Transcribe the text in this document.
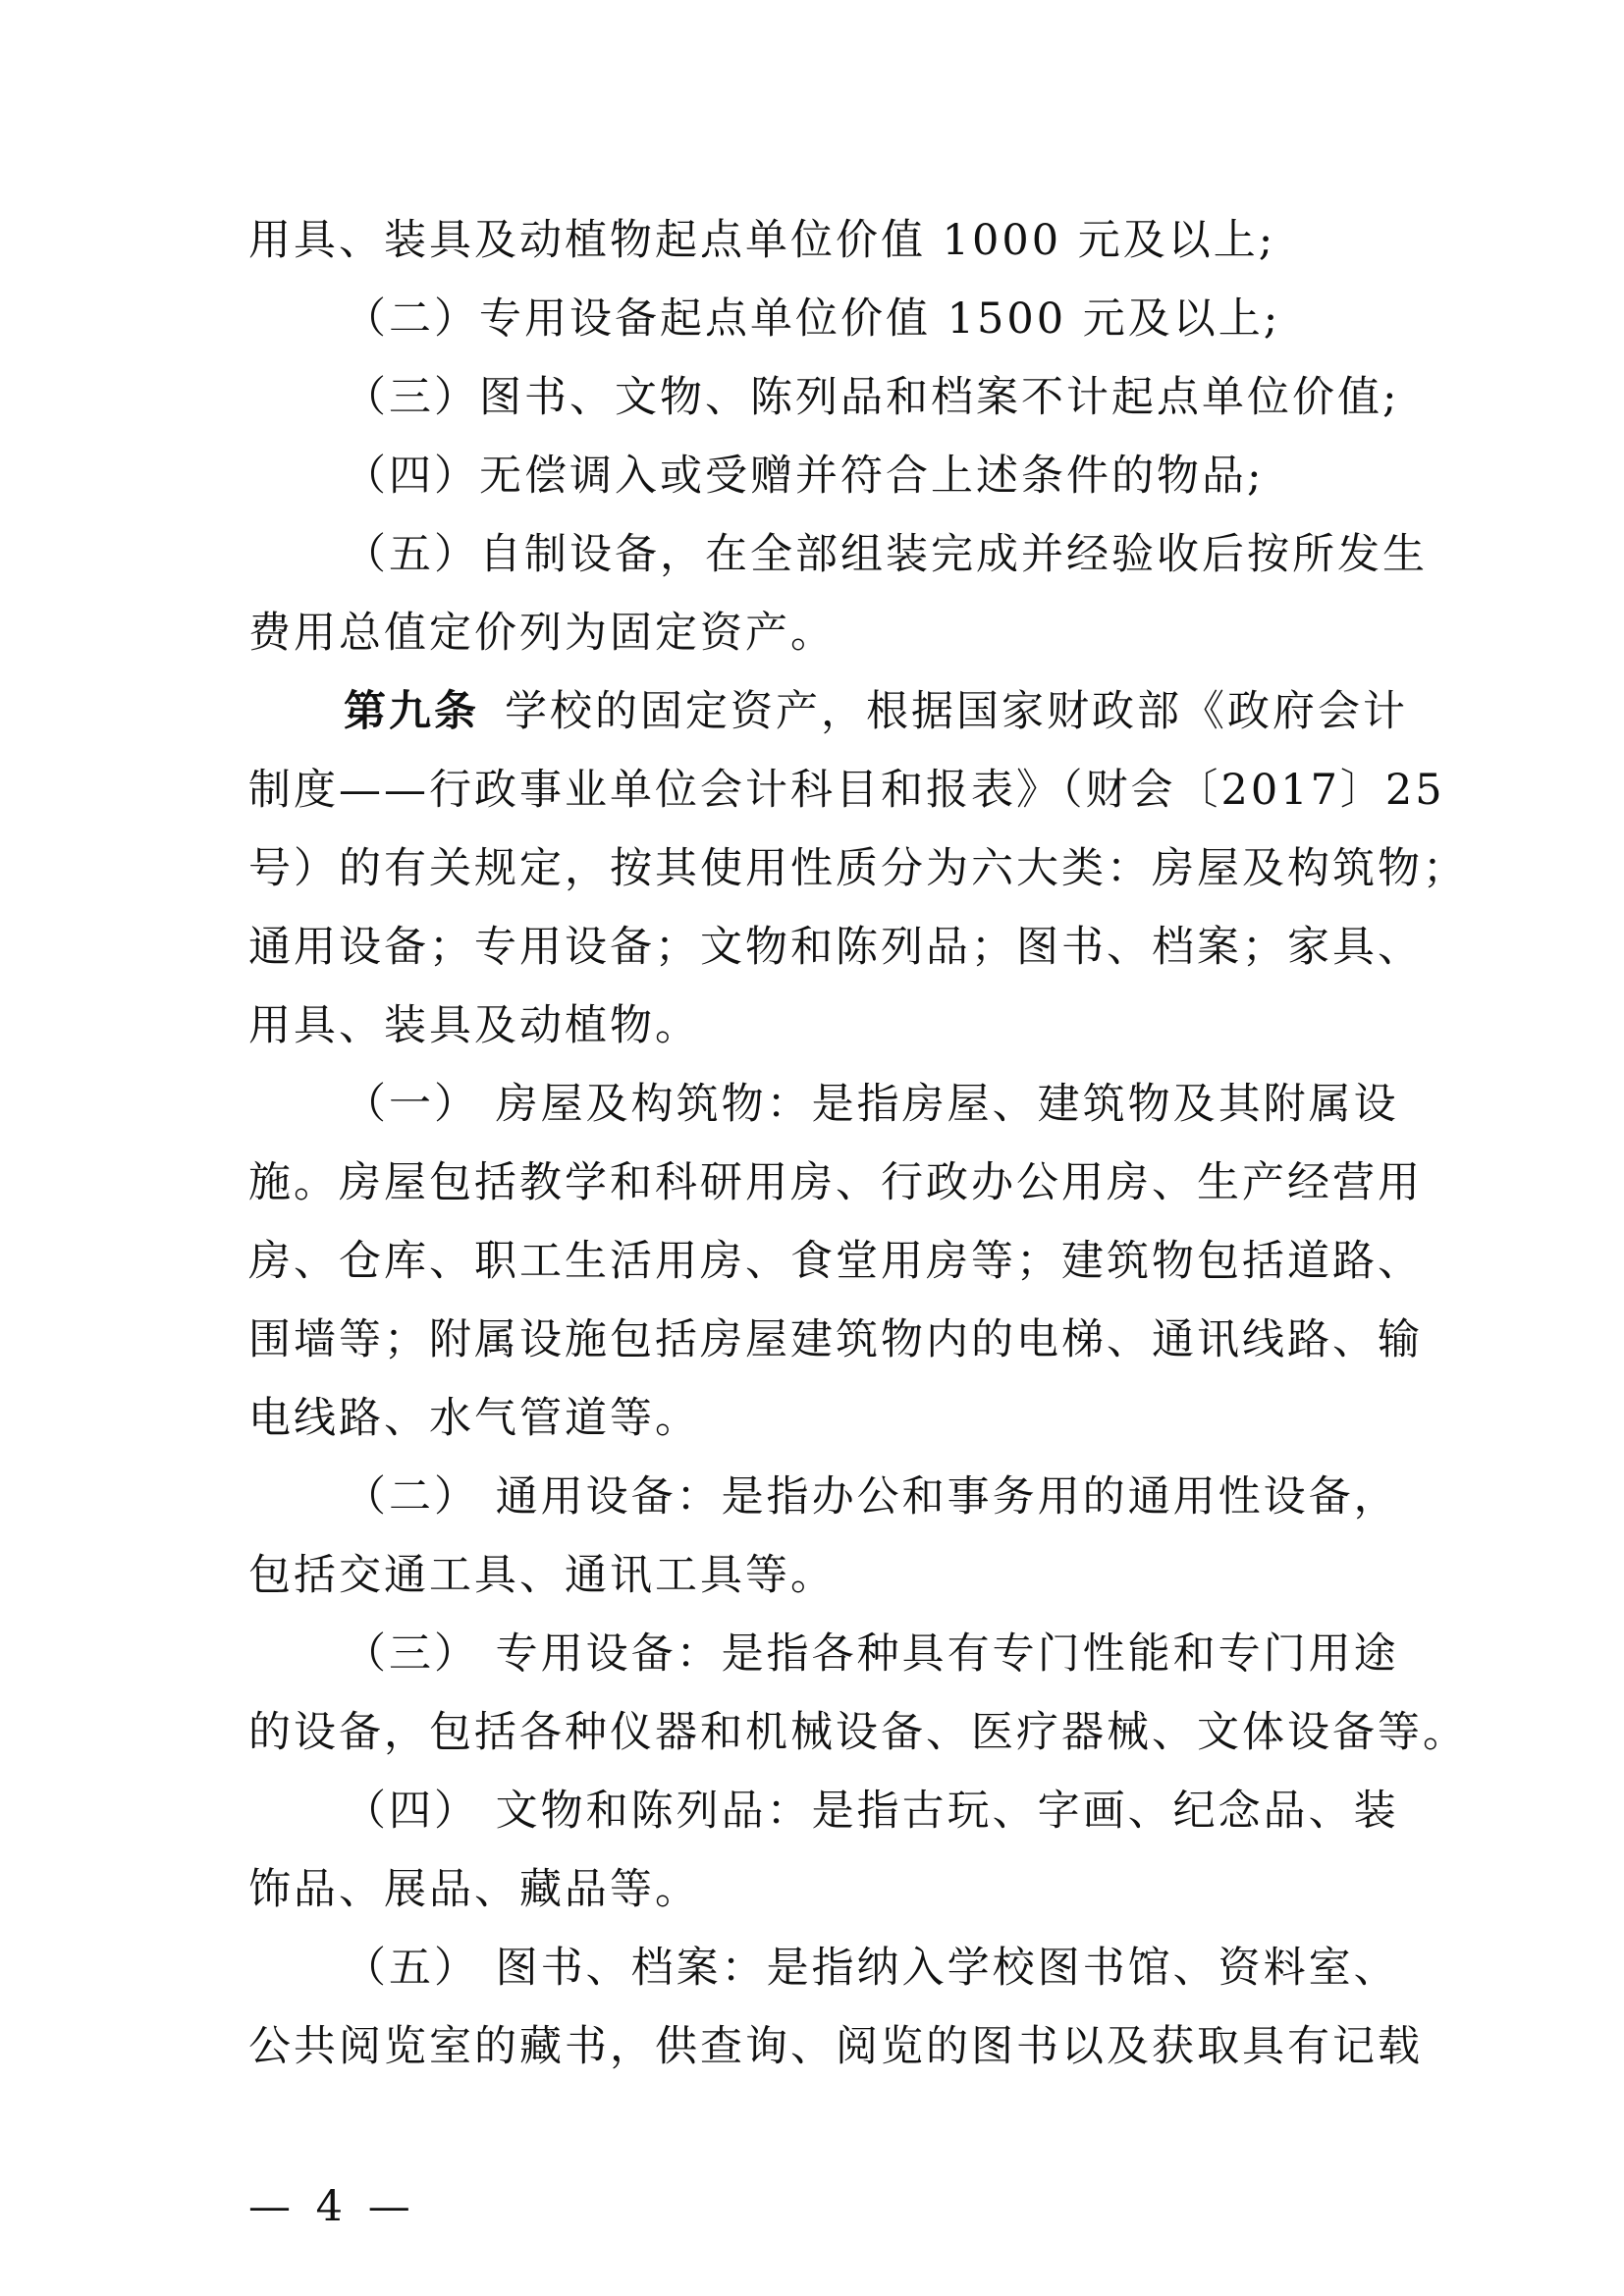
用具、装具及动植物起点单位价值 1000 元及以上;
（二）专用设备起点单位价值 1500 元及以上;
（三）图书、文物、陈列品和档案不计起点单位价值;
（四）无偿调入或受赠并符合上述条件的物品;
（五）自制设备，在全部组装完成并经验收后按所发生
费用总值定价列为固定资产。
第九条 学校的固定资产，根据国家财政部《政府会计
制度——行政事业单位会计科目和报表》（财会〔2017〕25
号）的有关规定，按其使用性质分为六大类：房屋及构筑物；
通用设备；专用设备；文物和陈列品；图书、档案；家具、
用具、装具及动植物。
（一） 房屋及构筑物：是指房屋、建筑物及其附属设
施。房屋包括教学和科研用房、行政办公用房、生产经营用
房、仓库、职工生活用房、食堂用房等；建筑物包括道路、
围墙等；附属设施包括房屋建筑物内的电梯、通讯线路、输
电线路、水气管道等。
（二） 通用设备：是指办公和事务用的通用性设备，
包括交通工具、通讯工具等。
（三） 专用设备：是指各种具有专门性能和专门用途
的设备，包括各种仪器和机械设备、医疗器械、文体设备等。
（四） 文物和陈列品：是指古玩、字画、纪念品、装
饰品、展品、藏品等。
（五） 图书、档案：是指纳入学校图书馆、资料室、
公共阅览室的藏书，供查询、阅览的图书以及获取具有记载
— 4 —
